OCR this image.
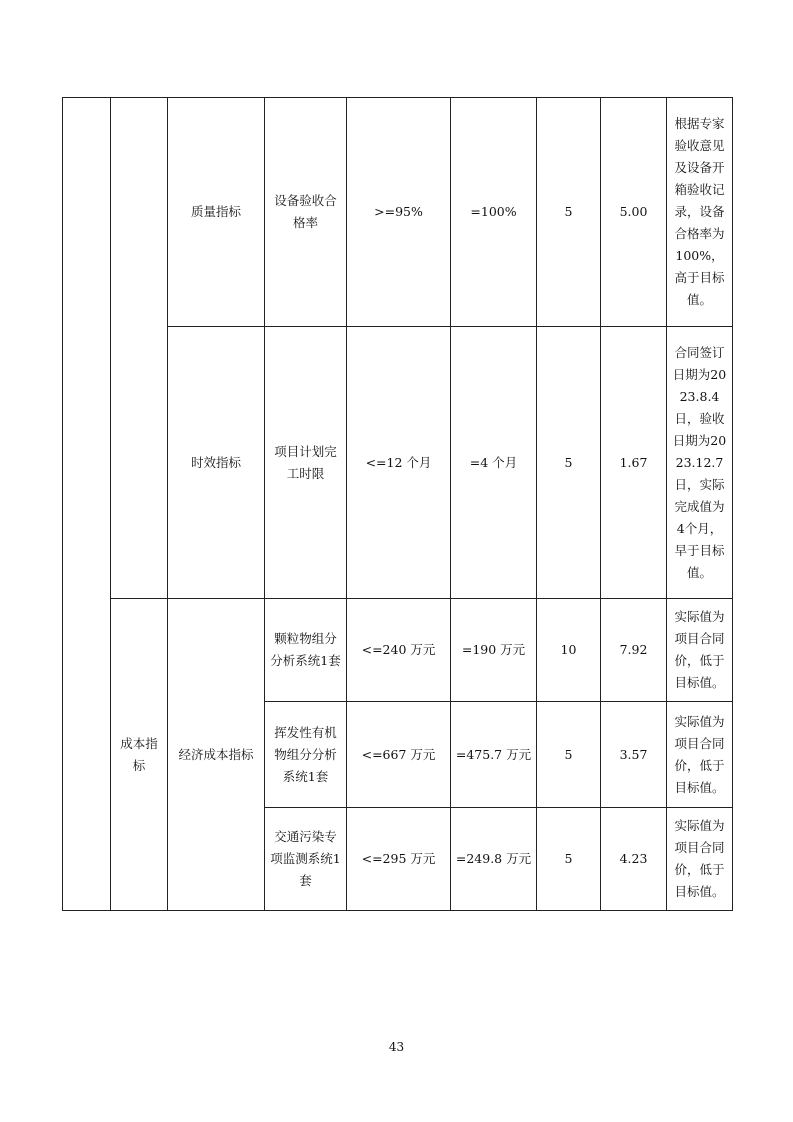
		质量指标	设备验收合格率	>=95%	=100%	5	5.00	根据专家验收意见及设备开箱验收记录，设备合格率为100%，高于目标值。
		时效指标	项目计划完工时限	<=12 个月	=4 个月	5	1.67	合同签订日期为2023.8.4日，验收日期为2023.12.7日，实际完成值为4个月，早于目标值。
	成本指标	经济成本指标	颗粒物组分分析系统1套	<=240 万元	=190 万元	10	7.92	实际值为项目合同价，低于目标值。
			挥发性有机物组分分析系统1套	<=667 万元	=475.7 万元	5	3.57	实际值为项目合同价，低于目标值。
			交通污染专项监测系统1套	<=295 万元	=249.8 万元	5	4.23	实际值为项目合同价，低于目标值。
43
